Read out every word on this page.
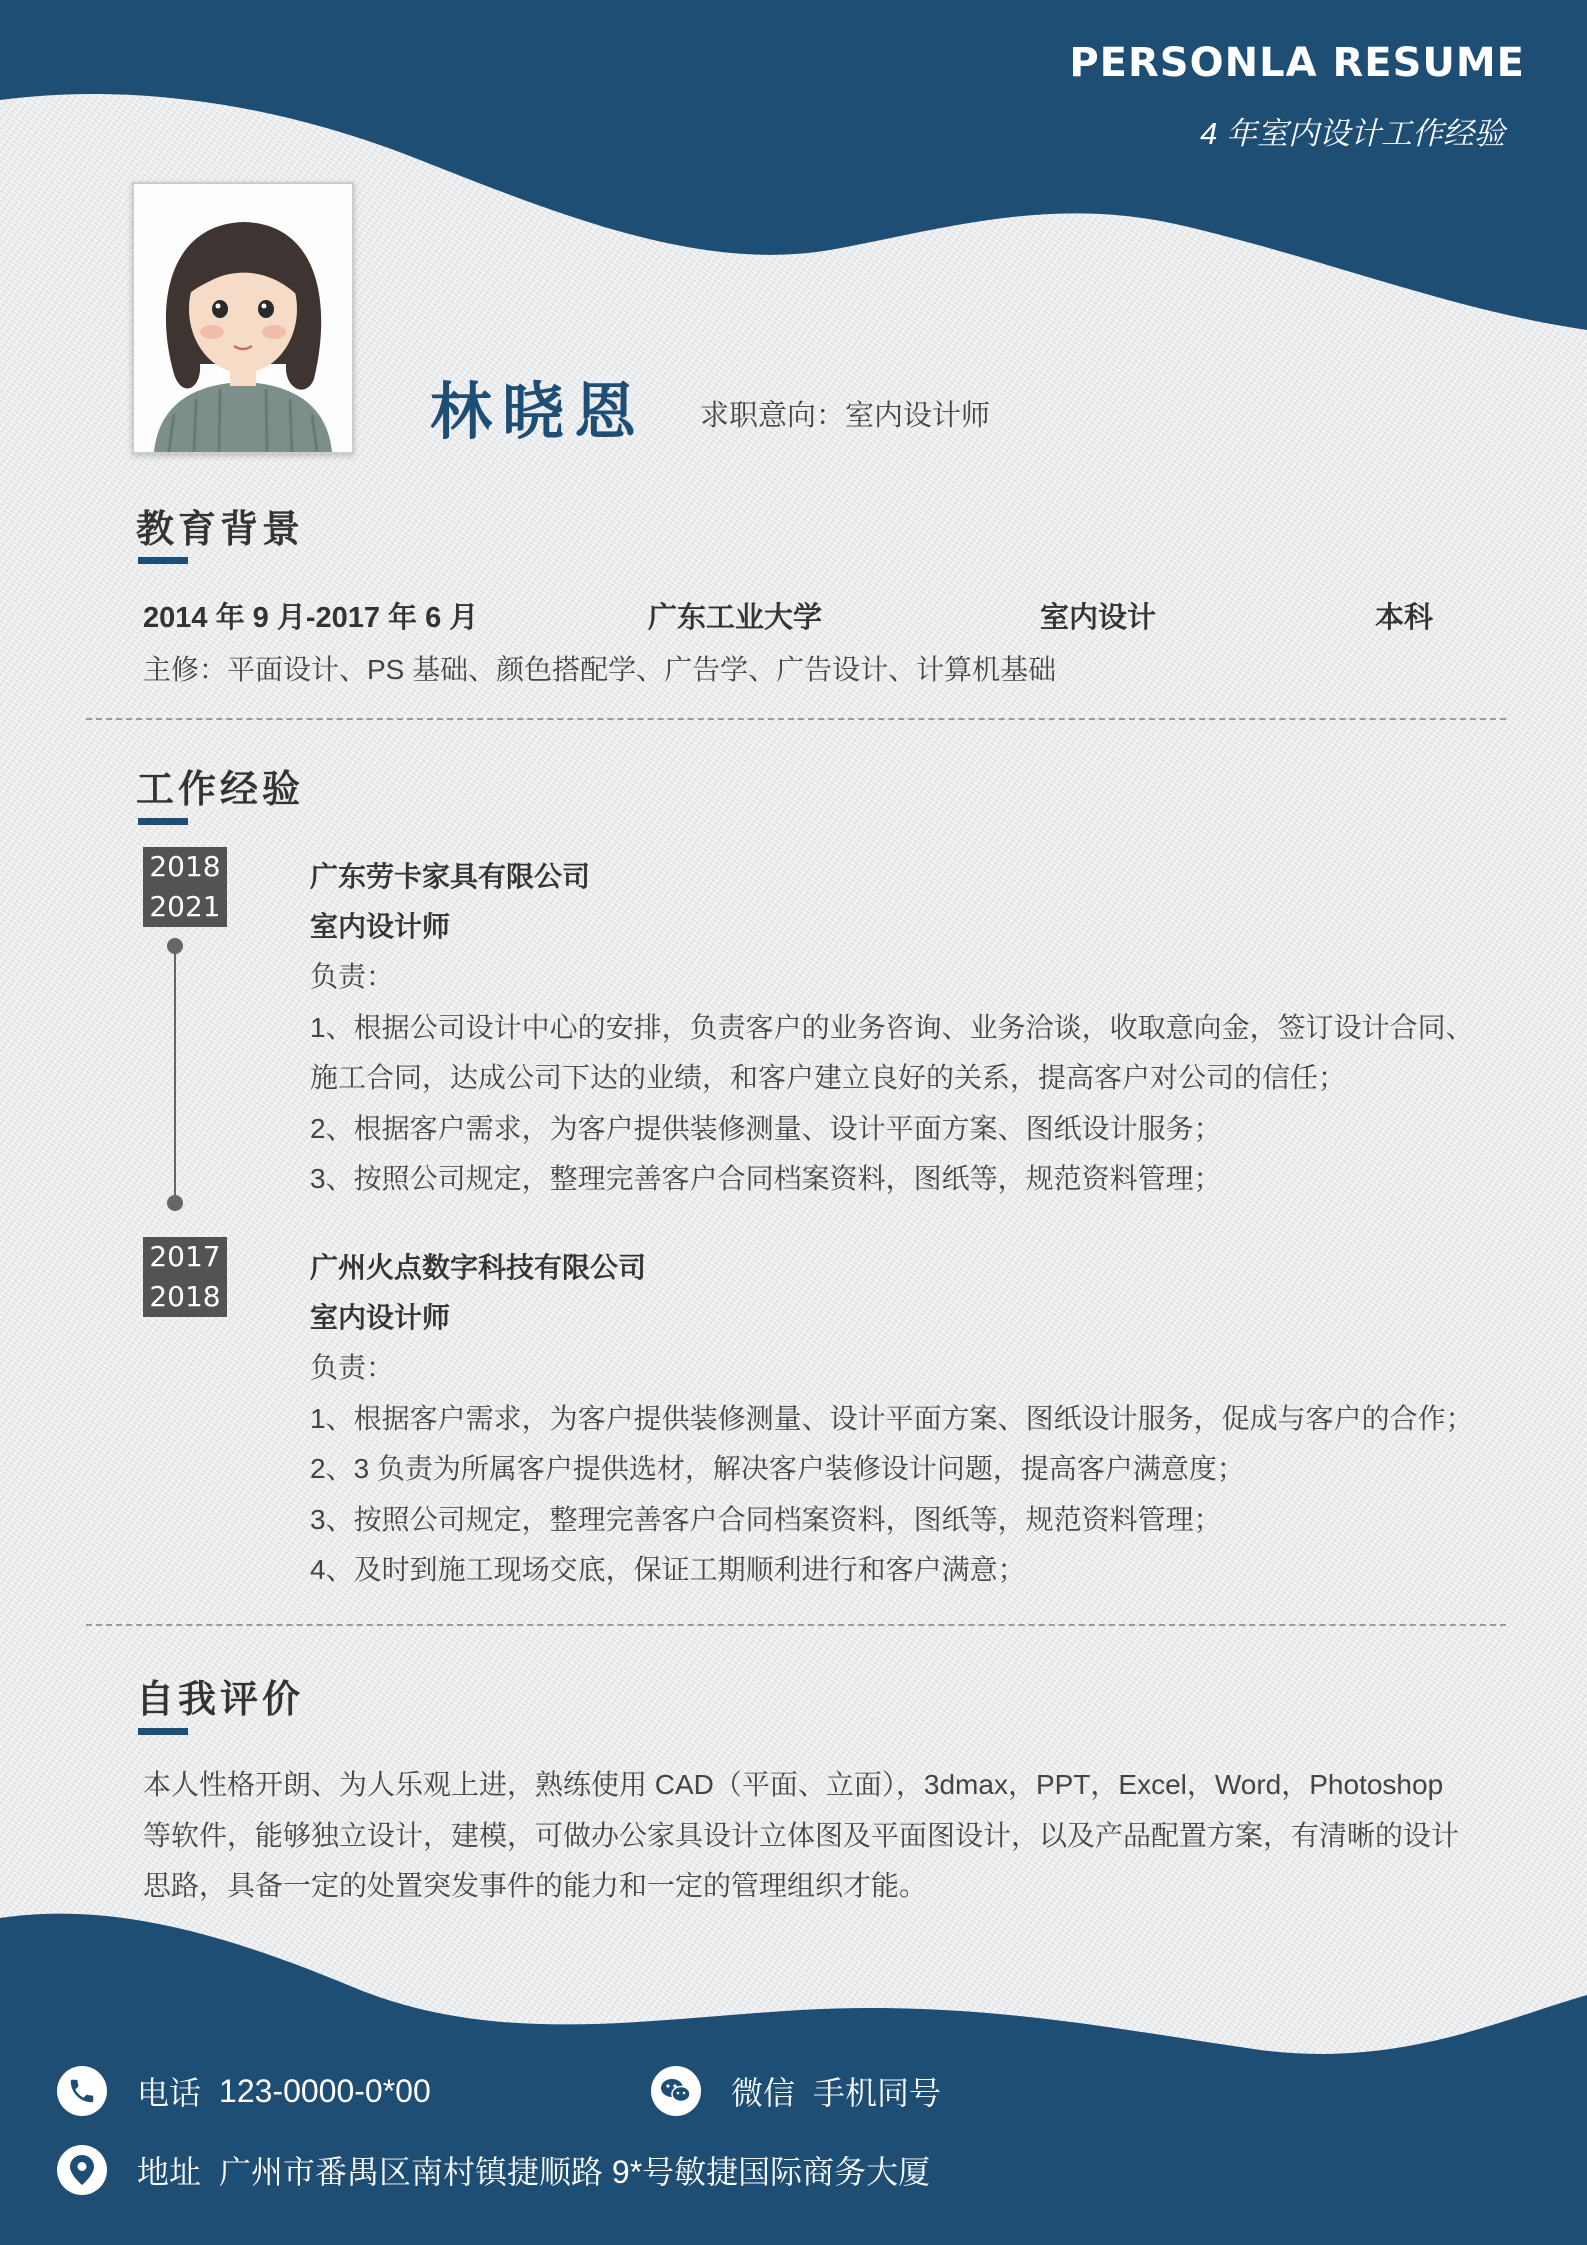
PERSONLA RESUME
4 年室内设计工作经验
林晓恩 求职意向：室内设计师
教育背景
2014 年 9 月-2017 年 6 月	广东工业大学	室内设计	本科
主修：平面设计、PS 基础、颜色搭配学、广告学、广告设计、计算机基础
工作经验
2018
2021
广东劳卡家具有限公司
室内设计师
负责：
1、根据公司设计中心的安排，负责客户的业务咨询、业务洽谈，收取意向金，签订设计合同、
施工合同，达成公司下达的业绩，和客户建立良好的关系，提高客户对公司的信任；
2、根据客户需求，为客户提供装修测量、设计平面方案、图纸设计服务；
3、按照公司规定，整理完善客户合同档案资料，图纸等，规范资料管理；
2017
2018
广州火点数字科技有限公司
室内设计师
负责：
1、根据客户需求，为客户提供装修测量、设计平面方案、图纸设计服务，促成与客户的合作；
2、3 负责为所属客户提供选材，解决客户装修设计问题，提高客户满意度；
3、按照公司规定，整理完善客户合同档案资料，图纸等，规范资料管理；
4、及时到施工现场交底，保证工期顺利进行和客户满意；
自我评价
本人性格开朗、为人乐观上进，熟练使用 CAD（平面、立面），3dmax，PPT，Excel，Word，Photoshop
等软件，能够独立设计，建模，可做办公家具设计立体图及平面图设计，以及产品配置方案，有清晰的设计
思路，具备一定的处置突发事件的能力和一定的管理组织才能。
电话 123-0000-0*00	微信 手机同号
地址 广州市番禺区南村镇捷顺路 9*号敏捷国际商务大厦
